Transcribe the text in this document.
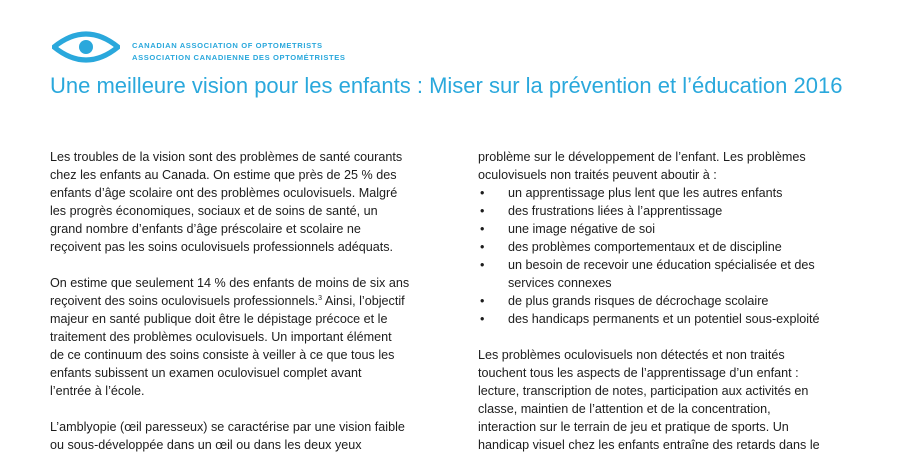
CANADIAN ASSOCIATION OF OPTOMETRISTS
ASSOCIATION CANADIENNE DES OPTOMÉTRISTES
Une meilleure vision pour les enfants : Miser sur la prévention et l’éducation 2016

Les troubles de la vision sont des problèmes de santé courants
chez les enfants au Canada. On estime que près de 25 % des
enfants d’âge scolaire ont des problèmes oculovisuels. Malgré
les progrès économiques, sociaux et de soins de santé, un
grand nombre d’enfants d’âge préscolaire et scolaire ne
reçoivent pas les soins oculovisuels professionnels adéquats.

On estime que seulement 14 % des enfants de moins de six ans
reçoivent des soins oculovisuels professionnels.$^3$ Ainsi, l’objectif
majeur en santé publique doit être le dépistage précoce et le
traitement des problèmes oculovisuels. Un important élément
de ce continuum des soins consiste à veiller à ce que tous les
enfants subissent un examen oculovisuel complet avant
l’entrée à l’école.

L’amblyopie (œil paresseux) se caractérise par une vision faible
ou sous-développée dans un œil ou dans les deux yeux

problème sur le développement de l’enfant. Les problèmes
oculovisuels non traités peuvent aboutir à :

• un apprentissage plus lent que les autres enfants
• des frustrations liées à l’apprentissage
• une image négative de soi
• des problèmes comportementaux et de discipline
• un besoin de recevoir une éducation spécialisée et des
services connexes
• de plus grands risques de décrochage scolaire
• des handicaps permanents et un potentiel sous-exploité

Les problèmes oculovisuels non détectés et non traités
touchent tous les aspects de l’apprentissage d’un enfant :
lecture, transcription de notes, participation aux activités en
classe, maintien de l’attention et de la concentration,
interaction sur le terrain de jeu et pratique de sports. Un
handicap visuel chez les enfants entraîne des retards dans le
